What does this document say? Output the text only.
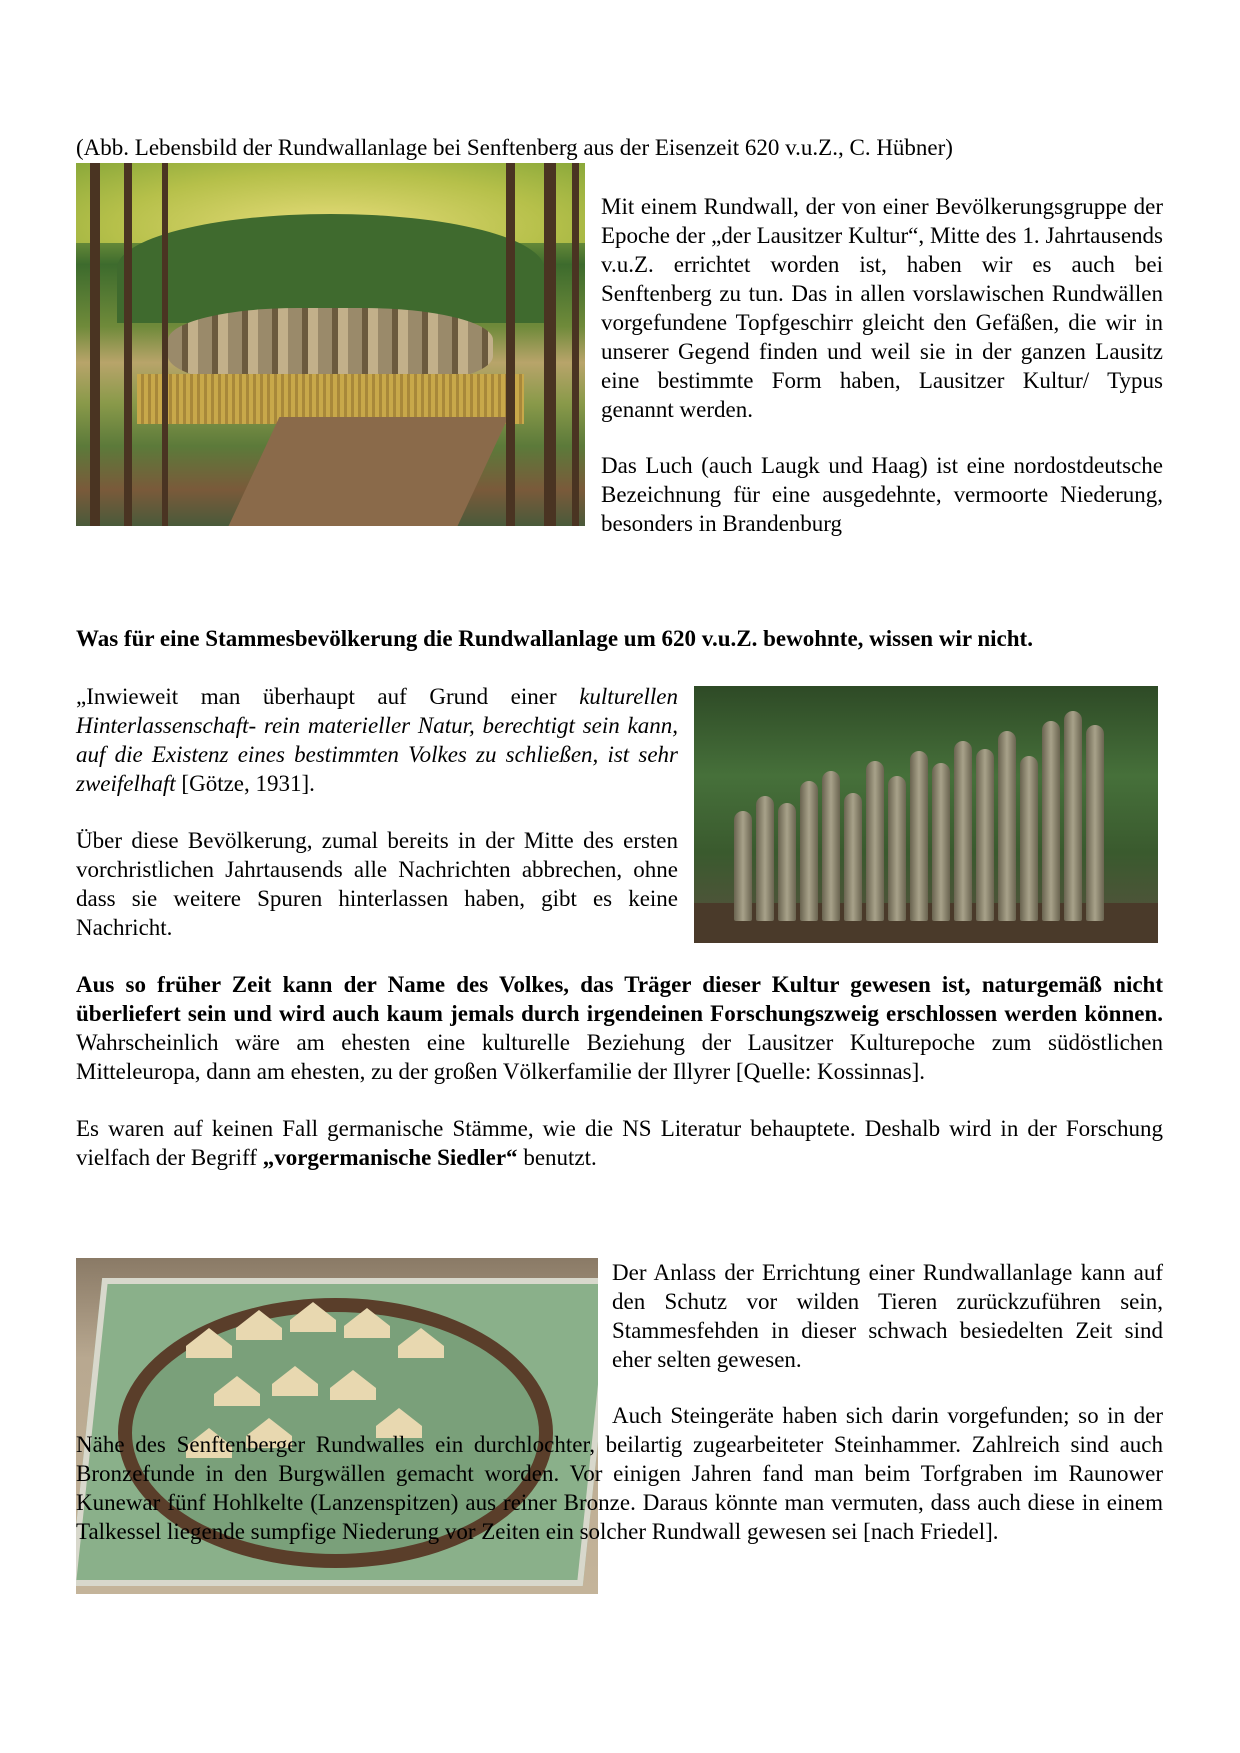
(Abb. Lebensbild der Rundwallanlage bei Senftenberg aus der Eisenzeit 620 v.u.Z., C. Hübner)

Mit einem Rundwall, der von einer Bevölkerungsgruppe der Epoche der „der Lausitzer Kultur“, Mitte des 1. Jahrtausends v.u.Z. errichtet worden ist, haben wir es auch bei Senftenberg zu tun. Das in allen vorslawischen Rundwällen vorgefundene Topfgeschirr gleicht den Gefäßen, die wir in unserer Gegend finden und weil sie in der ganzen Lausitz eine bestimmte Form haben, Lausitzer Kultur/ Typus genannt werden.

Das Luch (auch Laugk und Haag) ist eine nordostdeutsche Bezeichnung für eine ausgedehnte, vermoorte Niederung, besonders in Brandenburg

Was für eine Stammesbevölkerung die Rundwallanlage um 620 v.u.Z. bewohnte, wissen wir nicht.

„Inwieweit man überhaupt auf Grund einer kulturellen Hinterlassenschaft- rein materieller Natur, berechtigt sein kann, auf die Existenz eines bestimmten Volkes zu schließen, ist sehr zweifelhaft [Götze, 1931].

Über diese Bevölkerung, zumal bereits in der Mitte des ersten vorchristlichen Jahrtausends alle Nachrichten abbrechen, ohne dass sie weitere Spuren hinterlassen haben, gibt es keine Nachricht.

Aus so früher Zeit kann der Name des Volkes, das Träger dieser Kultur gewesen ist, naturgemäß nicht überliefert sein und wird auch kaum jemals durch irgendeinen Forschungszweig erschlossen werden können. Wahrscheinlich wäre am ehesten eine kulturelle Beziehung der Lausitzer Kulturepoche zum südöstlichen Mitteleuropa, dann am ehesten, zu der großen Völkerfamilie der Illyrer [Quelle: Kossinnas].

Es waren auf keinen Fall germanische Stämme, wie die NS Literatur behauptete. Deshalb wird in der Forschung vielfach der Begriff „vorgermanische Siedler“ benutzt.

Der Anlass der Errichtung einer Rundwallanlage kann auf den Schutz vor wilden Tieren zurückzuführen sein, Stammesfehden in dieser schwach besiedelten Zeit sind eher selten gewesen.

Auch Steingeräte haben sich darin vorgefunden; so in der Nähe des Senftenberger Rundwalles ein durchlochter, beilartig zugearbeiteter Steinhammer. Zahlreich sind auch Bronzefunde in den Burgwällen gemacht worden. Vor einigen Jahren fand man beim Torfgraben im Raunower Kunewar fünf Hohlkelte (Lanzenspitzen) aus reiner Bronze. Daraus könnte man vermuten, dass auch diese in einem Talkessel liegende sumpfige Niederung vor Zeiten ein solcher Rundwall gewesen sei [nach Friedel].
